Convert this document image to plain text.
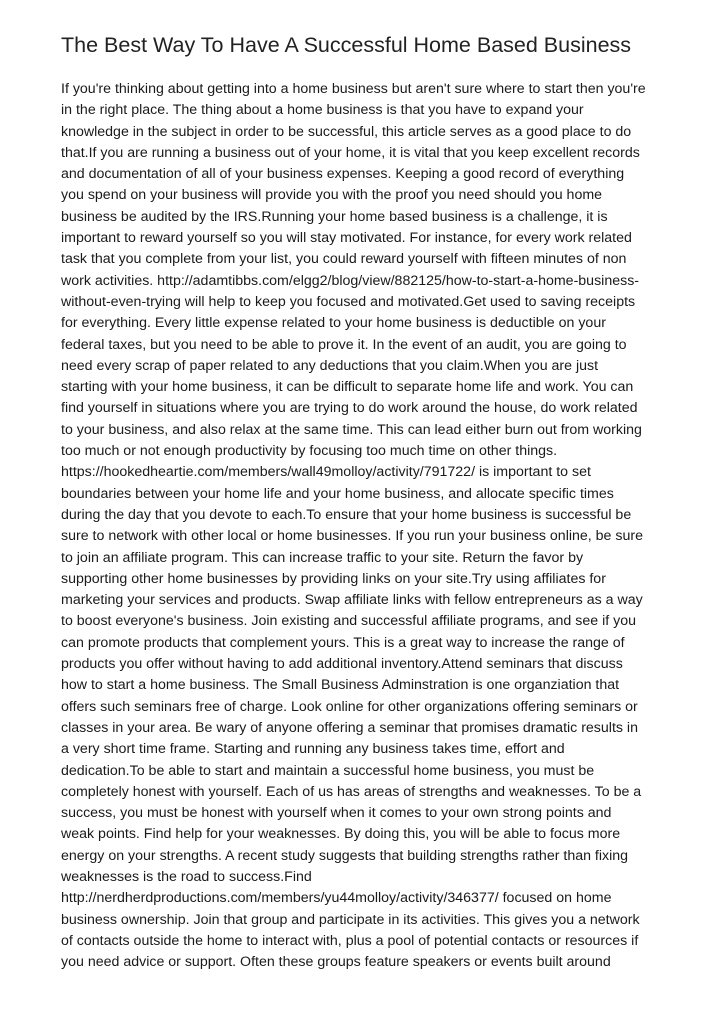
The Best Way To Have A Successful Home Based Business
If you're thinking about getting into a home business but aren't sure where to start then you're
in the right place. The thing about a home business is that you have to expand your
knowledge in the subject in order to be successful, this article serves as a good place to do
that.If you are running a business out of your home, it is vital that you keep excellent records
and documentation of all of your business expenses. Keeping a good record of everything
you spend on your business will provide you with the proof you need should you home
business be audited by the IRS.Running your home based business is a challenge, it is
important to reward yourself so you will stay motivated. For instance, for every work related
task that you complete from your list, you could reward yourself with fifteen minutes of non
work activities. http://adamtibbs.com/elgg2/blog/view/882125/how-to-start-a-home-business-
without-even-trying will help to keep you focused and motivated.Get used to saving receipts
for everything. Every little expense related to your home business is deductible on your
federal taxes, but you need to be able to prove it. In the event of an audit, you are going to
need every scrap of paper related to any deductions that you claim.When you are just
starting with your home business, it can be difficult to separate home life and work. You can
find yourself in situations where you are trying to do work around the house, do work related
to your business, and also relax at the same time. This can lead either burn out from working
too much or not enough productivity by focusing too much time on other things.
https://hookedheartie.com/members/wall49molloy/activity/791722/ is important to set
boundaries between your home life and your home business, and allocate specific times
during the day that you devote to each.To ensure that your home business is successful be
sure to network with other local or home businesses. If you run your business online, be sure
to join an affiliate program. This can increase traffic to your site. Return the favor by
supporting other home businesses by providing links on your site.Try using affiliates for
marketing your services and products. Swap affiliate links with fellow entrepreneurs as a way
to boost everyone's business. Join existing and successful affiliate programs, and see if you
can promote products that complement yours. This is a great way to increase the range of
products you offer without having to add additional inventory.Attend seminars that discuss
how to start a home business. The Small Business Adminstration is one organziation that
offers such seminars free of charge. Look online for other organizations offering seminars or
classes in your area. Be wary of anyone offering a seminar that promises dramatic results in
a very short time frame. Starting and running any business takes time, effort and
dedication.To be able to start and maintain a successful home business, you must be
completely honest with yourself. Each of us has areas of strengths and weaknesses. To be a
success, you must be honest with yourself when it comes to your own strong points and
weak points. Find help for your weaknesses. By doing this, you will be able to focus more
energy on your strengths. A recent study suggests that building strengths rather than fixing
weaknesses is the road to success.Find
http://nerdherdproductions.com/members/yu44molloy/activity/346377/ focused on home
business ownership. Join that group and participate in its activities. This gives you a network
of contacts outside the home to interact with, plus a pool of potential contacts or resources if
you need advice or support. Often these groups feature speakers or events built around
